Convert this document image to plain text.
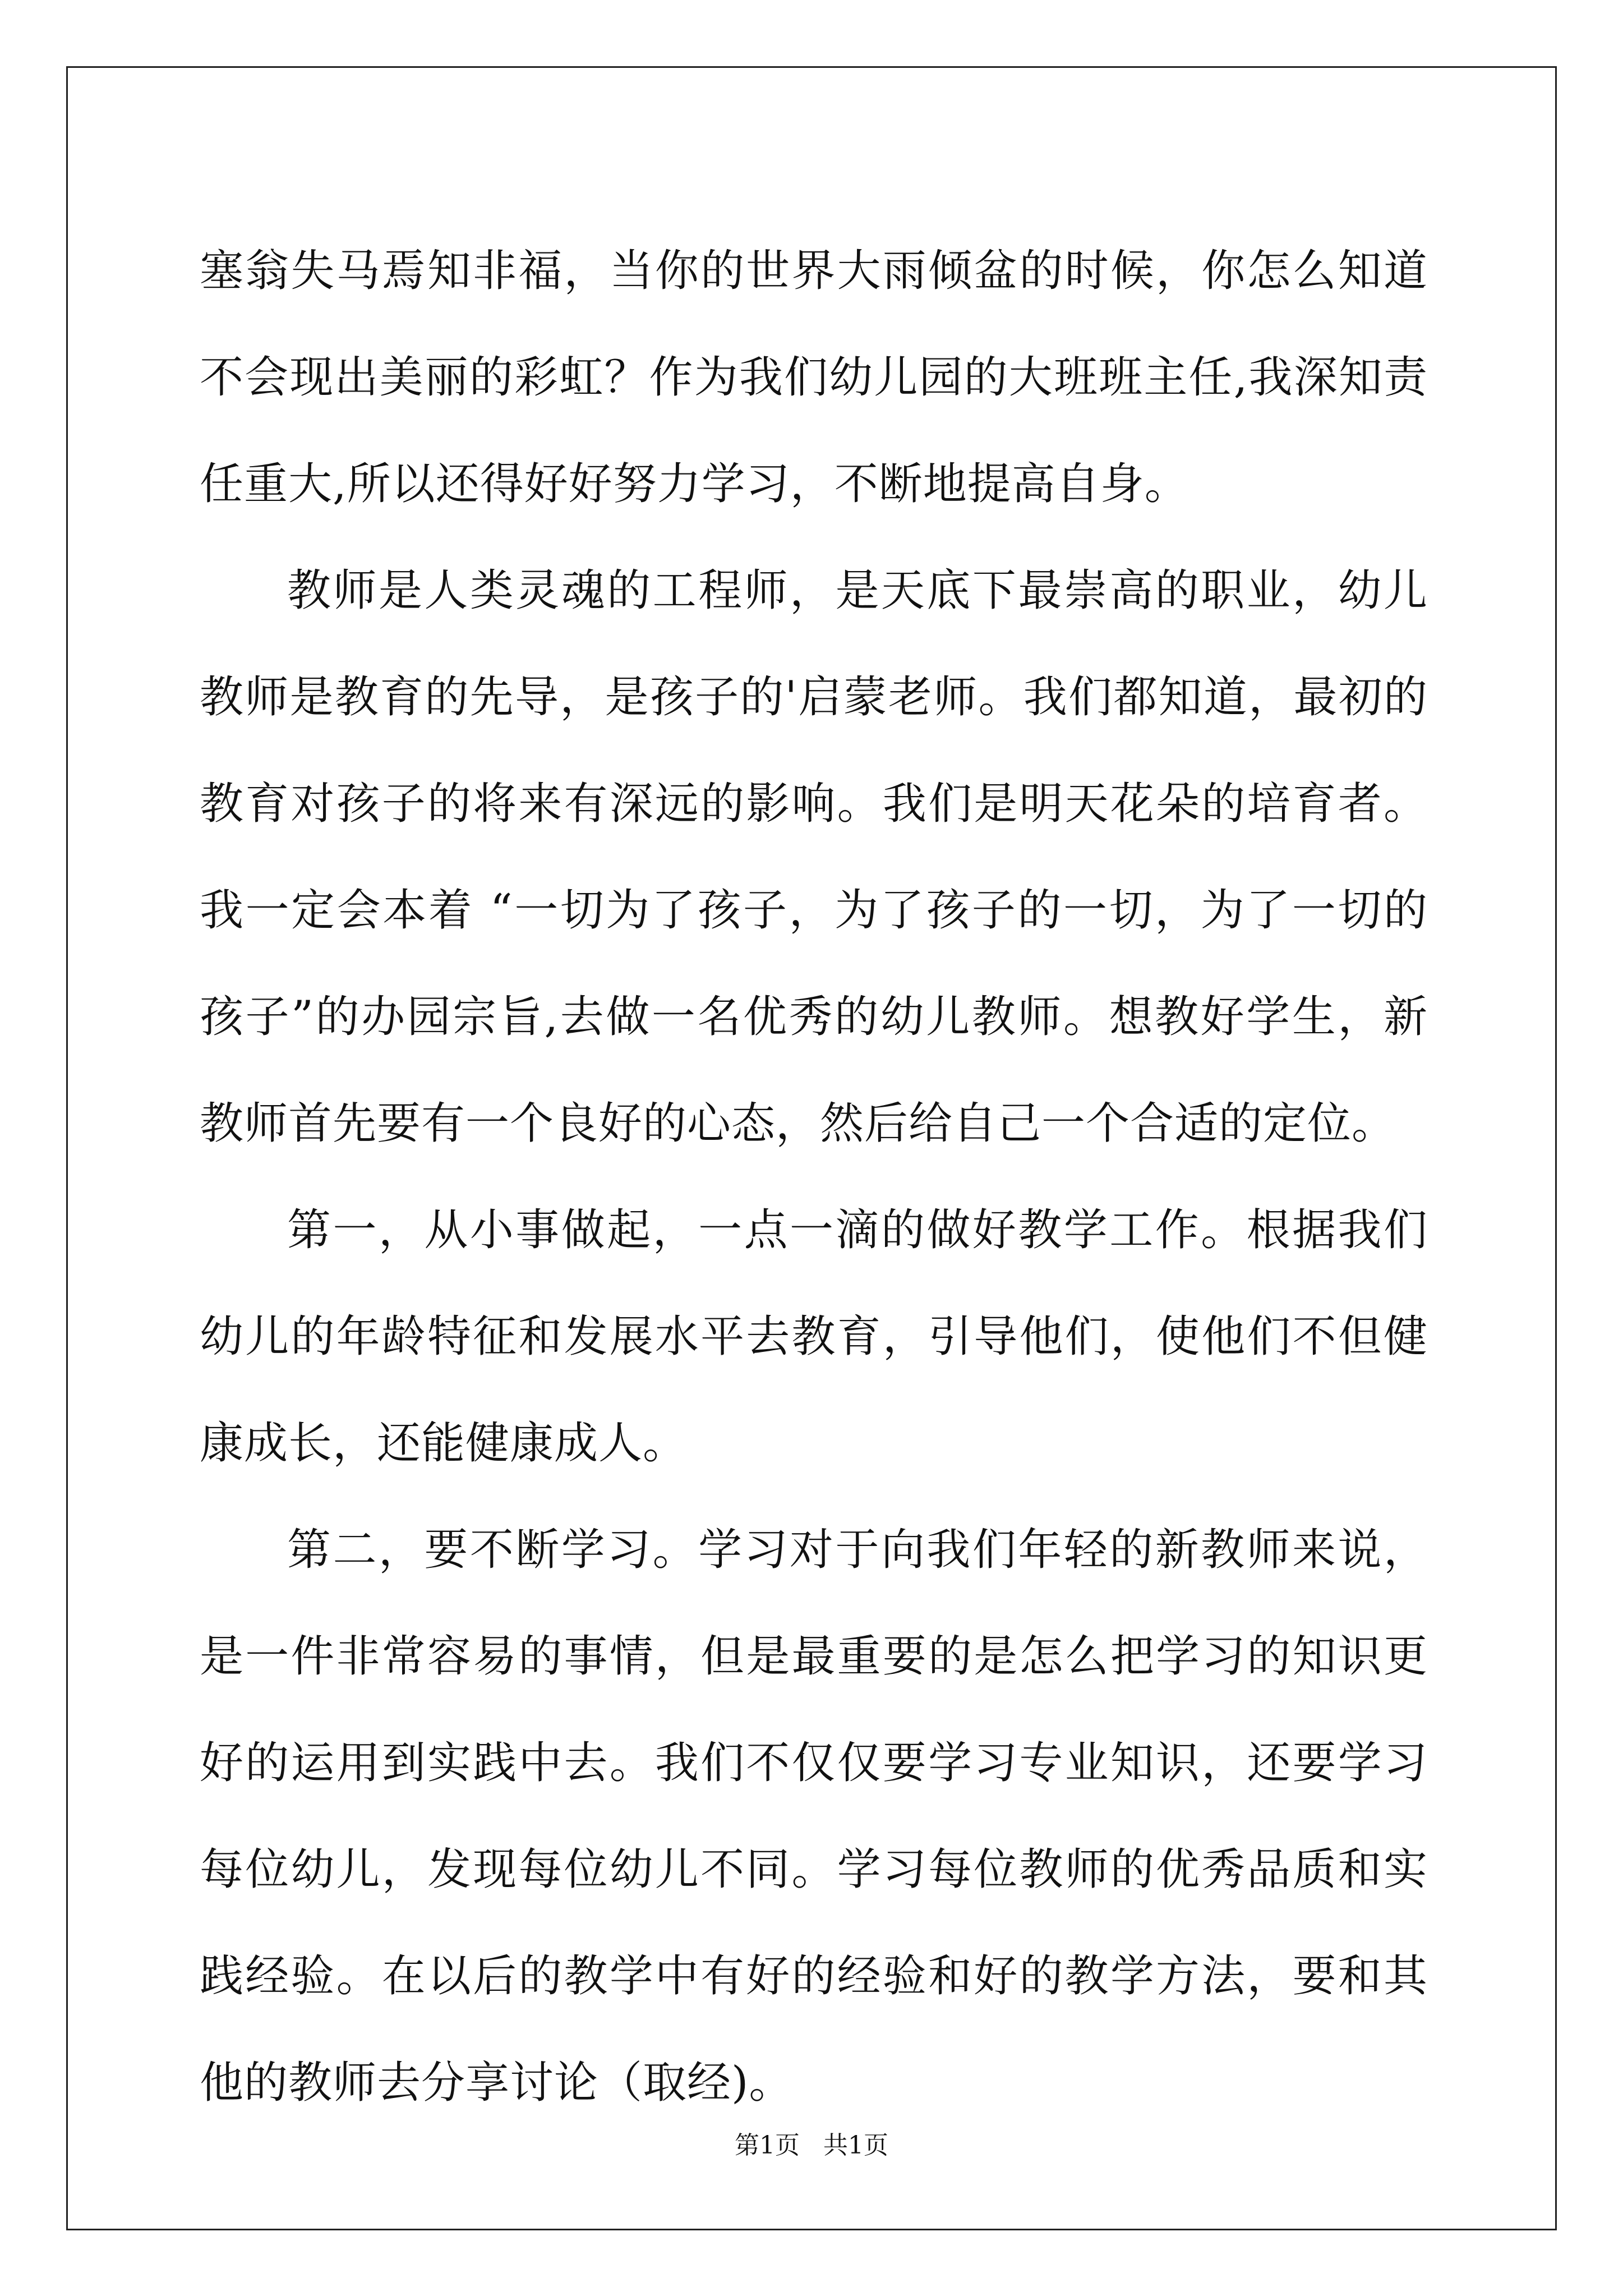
塞翁失马焉知非福，当你的世界大雨倾盆的时候，你怎么知道不会现出美丽的彩虹？作为我们幼儿园的大班班主任,我深知责任重大,所以还得好好努力学习，不断地提高自身。

教师是人类灵魂的工程师，是天底下最崇高的职业，幼儿教师是教育的先导，是孩子的'启蒙老师。我们都知道，最初的教育对孩子的将来有深远的影响。我们是明天花朵的培育者。我一定会本着 “一切为了孩子，为了孩子的一切，为了一切的孩子”的办园宗旨,去做一名优秀的幼儿教师。想教好学生，新教师首先要有一个良好的心态，然后给自己一个合适的定位。

第一，从小事做起，一点一滴的做好教学工作。根据我们幼儿的年龄特征和发展水平去教育，引导他们，使他们不但健康成长，还能健康成人。

第二，要不断学习。学习对于向我们年轻的新教师来说，是一件非常容易的事情，但是最重要的是怎么把学习的知识更好的运用到实践中去。我们不仅仅要学习专业知识，还要学习每位幼儿，发现每位幼儿不同。学习每位教师的优秀品质和实践经验。在以后的教学中有好的经验和好的教学方法，要和其他的教师去分享讨论（取经)。

第1页   共1页
